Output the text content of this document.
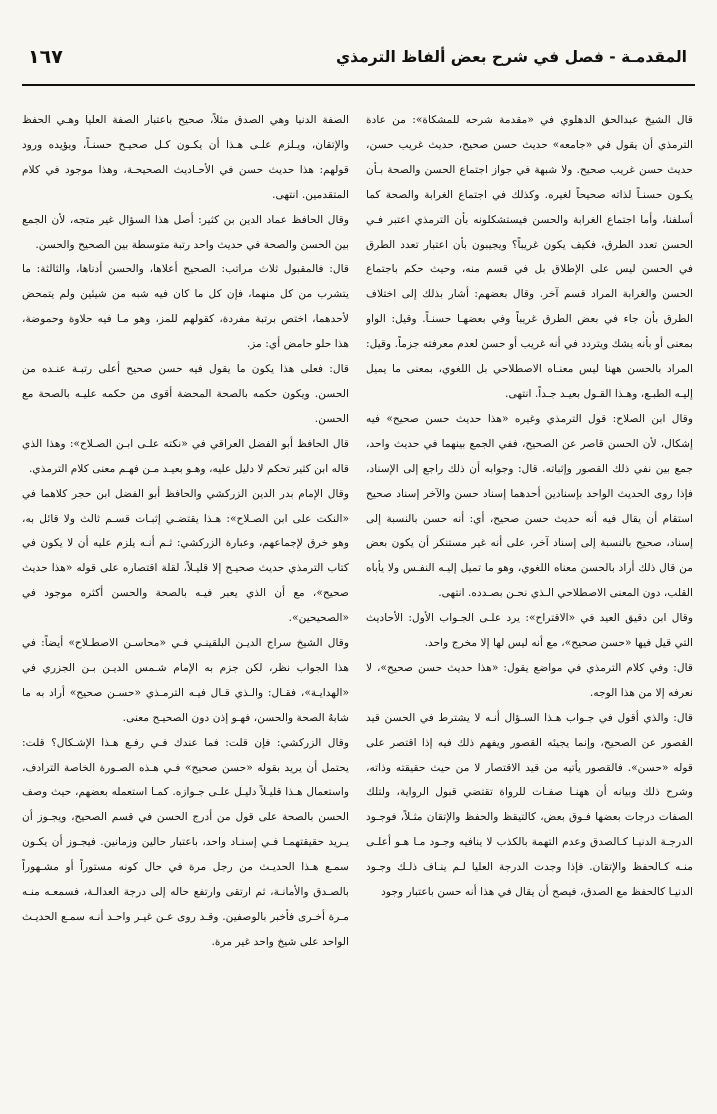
المقدمـة - فصل في شرح بعض ألفاظ الترمذي
١٦٧

قال الشيخ عبدالحق الدهلوي في «مقدمة شرحه للمشكاة»: من عادة الترمذي أن يقول في «جامعه» حديث حسن صحيح، حديث غريب حسن، حديث حسن غريب صحيح. ولا شبهة في جواز اجتماع الحسن والصحة بـأن يكـون حسنـاً لذاته صحيحاً لغيره. وكذلك في اجتماع الغرابة والصحة كما أسلفنا، وأما اجتماع الغرابة والحسن فيستشكلونه بأن الترمذي اعتبر فـي الحسن تعدد الطرق، فكيف يكون غريباً؟ ويجيبون بأن اعتبار تعدد الطرق في الحسن ليس على الإطلاق بل في قسم منه، وحيث حكم باجتماع الحسن والغرابة المراد قسم آخر. وقال بعضهم: أشار بذلك إلى اختلاف الطرق بأن جاء في بعض الطرق غريباً وفي بعضهـا حسنـاً. وقيل: الواو بمعنى أو بأنه يشك ويتردد في أنه غريب أو حسن لعدم معرفته جزماً. وقيل: المراد بالحسن ههنا ليس معنـاه الاصطلاحي بل اللغوي، بمعنى ما يميل إليـه الطبـع، وهـذا القـول بعيـد جـداً. انتهى.

وقال ابن الصلاح: قول الترمذي وغيره «هذا حديث حسن صحيح» فيه إشكال، لأن الحسن قاصر عن الصحيح، ففي الجمع بينهما في حديث واحد، جمع بين نفي ذلك القصور وإثباته. قال: وجوابه أن ذلك راجع إلى الإسناد، فإذا روى الحديث الواحد بإسنادين أحدهما إسناد حسن والآخر إسناد صحيح استقام أن يقال فيه أنه حديث حسن صحيح، أي: أنه حسن بالنسبة إلى إسناد، صحيح بالنسبة إلى إسناد آخر، على أنه غير مستنكر أن يكون بعض من قال ذلك أراد بالحسن معناه اللغوي، وهو ما تميل إليـه النفـس ولا يأباه القلب، دون المعنى الاصطلاحي الـذي نحـن بصـدده. انتهى.

وقال ابن دقيق العيد في «الاقتراح»: يرد علـى الجـواب الأول: الأحاديث التي قيل فيها «حسن صحيح»، مع أنه ليس لها إلا مخرج واحد.

قال: وفي كلام الترمذي في مواضع يقول: «هذا حديث حسن صحيح»، لا نعرفه إلا من هذا الوجه.

قال: والذي أقول في جـواب هـذا السـؤال أنـه لا يشترط في الحسن قيد القصور عن الصحيح، وإنما يجيئه القصور ويفهم ذلك فيه إذا اقتصر على قوله «حسن». فالقصور يأتيه من قيد الاقتصار لا من حيث حقيقته وذاته، وشرح ذلك وبيانه أن ههنـا صفـات للرواة تقتضي قبول الرواية، ولتلك الصفات درجات بعضها فـوق بعض، كالتيقظ والحفظ والإتقان مثـلاً، فوجـود الدرجـة الدنيـا كـالصدق وعدم التهمة بالكذب لا ينافيه وجـود مـا هـو أعلـى منـه كـالحفظ والإتقان. فإذا وجدت الدرجة العليا لـم ينـاف ذلـك وجـود الدنيـا كالحفظ مع الصدق، فيصح أن يقال في هذا أنه حسن باعتبار وجود

الصفة الدنيا وهي الصدق مثلاً، صحيح باعتبار الصفة العليا وهـي الحفظ والإتقان، ويـلزم علـى هـذا أن يكـون كـل صحيـح حسنـاً، ويؤيده ورود قولهم: هذا حديث حسن في الأحـاديث الصحيحـة، وهذا موجود في كلام المتقدمين. انتهى.

وقال الحافظ عماد الدين بن كثير: أصل هذا السؤال غير متجه، لأن الجمع بين الحسن والصحة في حديث واحد رتبة متوسطة بين الصحيح والحسن.

قال: فالمقبول ثلاث مراتب: الصحيح أعلاها، والحسن أدناها، والثالثة: ما يتشرب من كل منهما، فإن كل ما كان فيه شبه من شيئين ولم يتمحض لأحدهما، اختص برتبة مفردة، كقولهم للمز، وهو مـا فيه حلاوة وحموضة، هذا حلو حامض أي: مز.

قال: فعلى هذا يكون ما يقول فيه حسن صحيح أعلى رتبـة عنـده من الحسن. ويكون حكمه بالصحة المحضة أقوى من حكمه عليـه بالصحة مع الحسن.

قال الحافظ أبو الفضل العراقي في «نكته علـى ابـن الصـلاح»: وهذا الذي قاله ابن كثير تحكم لا دليل عليه، وهـو بعيـد مـن فهـم معنى كلام الترمذي.

وقال الإمام بدر الدين الزركشي والحافظ أبو الفضل ابن حجر كلاهما في «النكت على ابن الصـلاح»: هـذا يقتضـي إثبـات قسـم ثالث ولا قائل به، وهو خرق لإجماعهم، وعبارة الزركشي: ثـم أنـه يلزم عليه أن لا يكون في كتاب الترمذي حديث صحيـح إلا قليـلاً، لقلة اقتصاره على قوله «هذا حديث صحيح»، مع أن الذي يعبر فيـه بالصحة والحسن أكثره موجود في «الصحيحين».

وقال الشيخ سراج الديـن البلقينـي فـي «محاسـن الاصطـلاح» أيضاً: في هذا الجواب نظر، لكن جزم به الإمام شـمس الديـن بـن الجزري في «الهدايـة»، فقـال: والـذي قـال فيـه الترمـذي «حسـن صحيح» أراد به ما شابهُ الصحة والحسن، فهـو إذن دون الصحيـح معنى.

وقال الزركشي: فإن قلت: فما عندك فـي رفـع هـذا الإشـكال؟ قلت: يحتمل أن يريد بقوله «حسن صحيح» فـي هـذه الصـورة الخاصة الترادف، واستعمال هـذا قليـلاً دليـل علـى جـوازه. كمـا استعمله بعضهم، حيث وصف الحسن بالصحة على قول من أدرج الحسن في قسم الصحيح، ويجـوز أن يـريد حقيقتهمـا فـي إسنـاد واحد، باعتبار حالين وزمانين. فيجـوز أن يكـون سمـع هـذا الحديـث من رجل مرة في حال كونه مستوراً أو مشـهوراً بالصـدق والأمانـة، ثم ارتقى وارتفع حاله إلى درجة العدالـة، فسمعـه منـه مـرة أخـرى فأخبر بالوصفين. وقـد روى عـن غيـر واحـد أنـه سمـع الحديـث الواحد على شيخ واحد غير مرة.
